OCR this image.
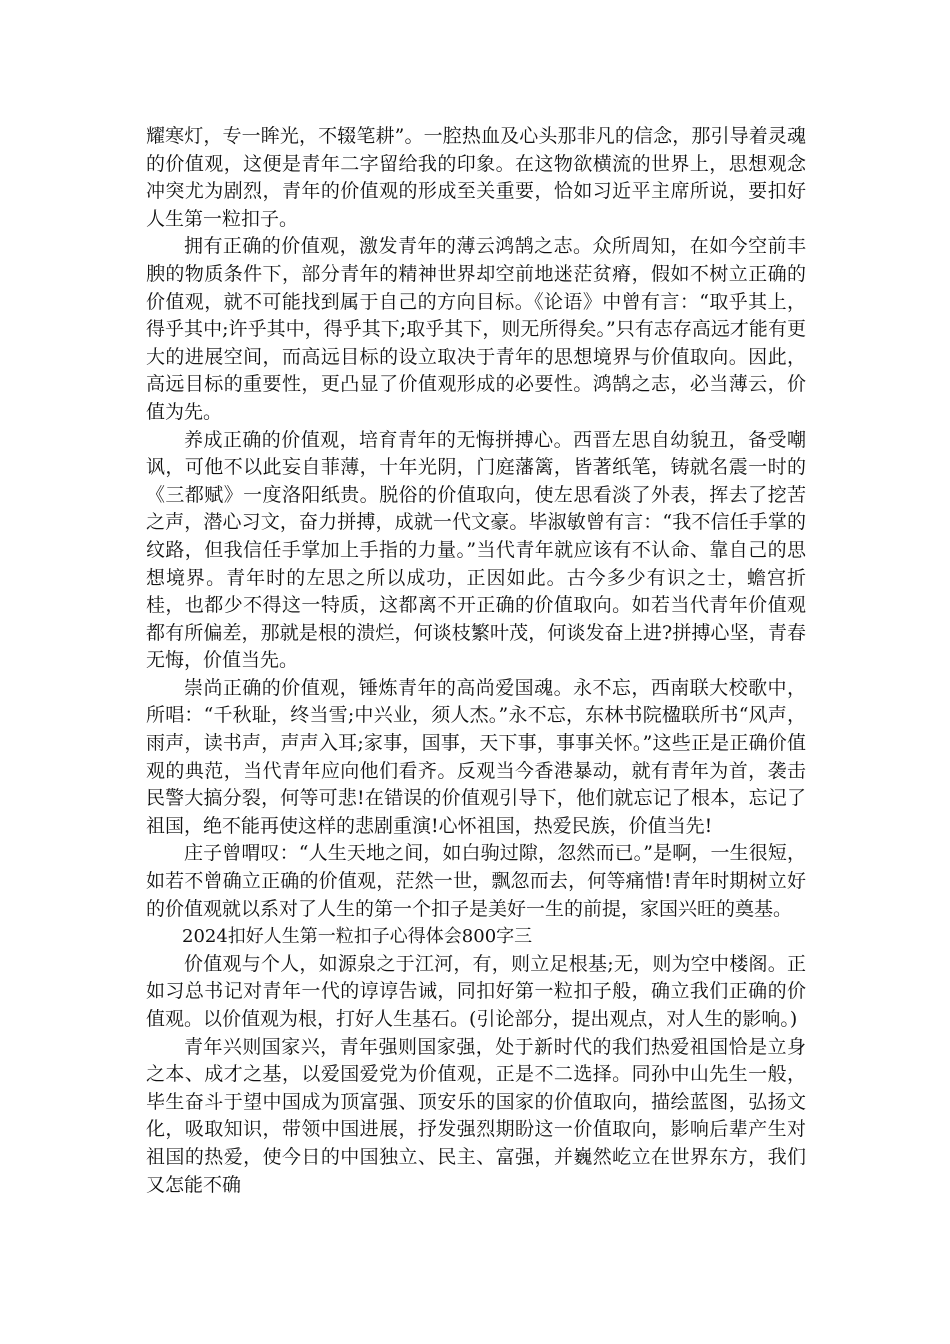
耀寒灯，专一眸光，不辍笔耕”。一腔热血及心头那非凡的信念，那引导着灵魂的价值观，这便是青年二字留给我的印象。在这物欲横流的世界上，思想观念冲突尤为剧烈，青年的价值观的形成至关重要，恰如习近平主席所说，要扣好人生第一粒扣子。

拥有正确的价值观，激发青年的薄云鸿鹄之志。众所周知，在如今空前丰腴的物质条件下，部分青年的精神世界却空前地迷茫贫瘠，假如不树立正确的价值观，就不可能找到属于自己的方向目标。《论语》中曾有言：“取乎其上，得乎其中;许乎其中，得乎其下;取乎其下，则无所得矣。”只有志存高远才能有更大的进展空间，而高远目标的设立取决于青年的思想境界与价值取向。因此，高远目标的重要性，更凸显了价值观形成的必要性。鸿鹄之志，必当薄云，价值为先。

养成正确的价值观，培育青年的无悔拼搏心。西晋左思自幼貌丑，备受嘲讽，可他不以此妄自菲薄，十年光阴，门庭藩篱，皆著纸笔，铸就名震一时的《三都赋》一度洛阳纸贵。脱俗的价值取向，使左思看淡了外表，挥去了挖苦之声，潜心习文，奋力拼搏，成就一代文豪。毕淑敏曾有言：“我不信任手掌的纹路，但我信任手掌加上手指的力量。”当代青年就应该有不认命、靠自己的思想境界。青年时的左思之所以成功，正因如此。古今多少有识之士，蟾宫折桂，也都少不得这一特质，这都离不开正确的价值取向。如若当代青年价值观都有所偏差，那就是根的溃烂，何谈枝繁叶茂，何谈发奋上进?拼搏心坚，青春无悔，价值当先。

崇尚正确的价值观，锤炼青年的高尚爱国魂。永不忘，西南联大校歌中，所唱：“千秋耻，终当雪;中兴业，须人杰。”永不忘，东林书院楹联所书“风声，雨声，读书声，声声入耳;家事，国事，天下事，事事关怀。”这些正是正确价值观的典范，当代青年应向他们看齐。反观当今香港暴动，就有青年为首，袭击民警大搞分裂，何等可悲!在错误的价值观引导下，他们就忘记了根本，忘记了祖国，绝不能再使这样的悲剧重演!心怀祖国，热爱民族，价值当先!

庄子曾喟叹：“人生天地之间，如白驹过隙，忽然而已。”是啊，一生很短，如若不曾确立正确的价值观，茫然一世，飘忽而去，何等痛惜!青年时期树立好的价值观就以系对了人生的第一个扣子是美好一生的前提，家国兴旺的奠基。

2024扣好人生第一粒扣子心得体会800字三

价值观与个人，如源泉之于江河，有，则立足根基;无，则为空中楼阁。正如习总书记对青年一代的谆谆告诫，同扣好第一粒扣子般，确立我们正确的价值观。以价值观为根，打好人生基石。(引论部分，提出观点，对人生的影响。)

青年兴则国家兴，青年强则国家强，处于新时代的我们热爱祖国恰是立身之本、成才之基，以爱国爱党为价值观，正是不二选择。同孙中山先生一般，毕生奋斗于望中国成为顶富强、顶安乐的国家的价值取向，描绘蓝图，弘扬文化，吸取知识，带领中国进展，抒发强烈期盼这一价值取向，影响后辈产生对祖国的热爱，使今日的中国独立、民主、富强，并巍然屹立在世界东方，我们又怎能不确
